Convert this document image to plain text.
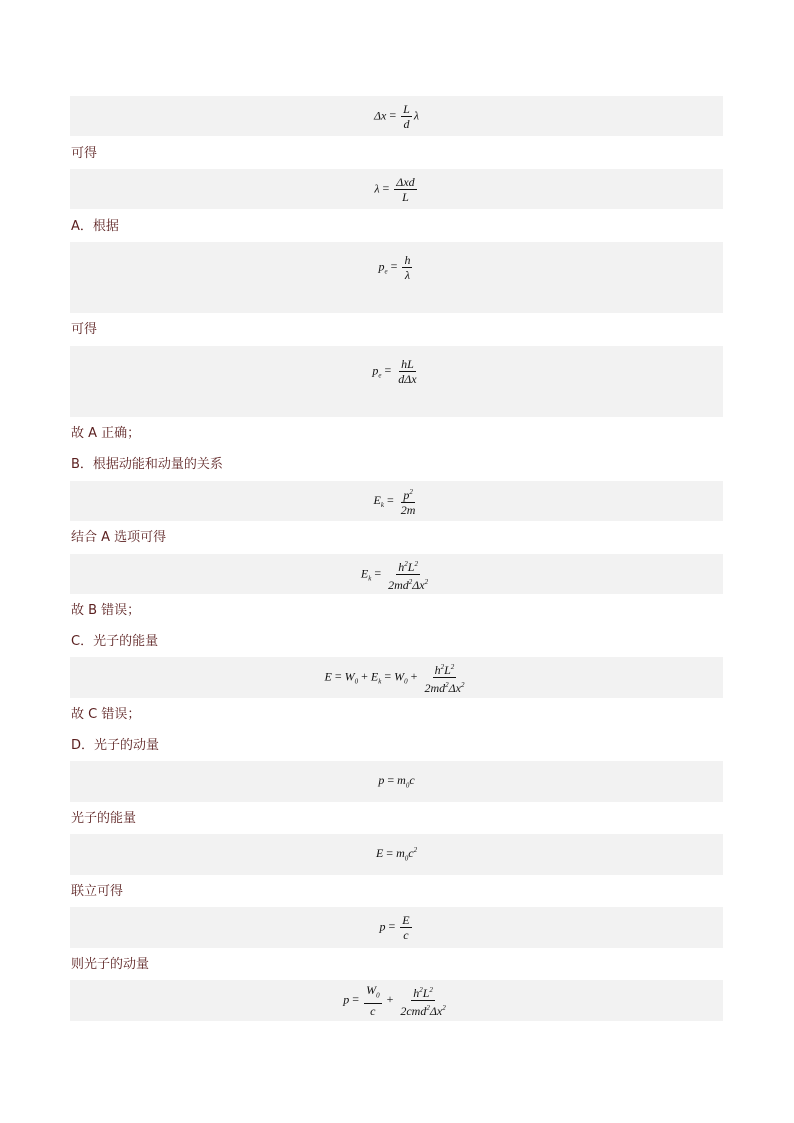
$\Delta x = \frac{L}{d}$ λ
可得
$\lambda = \frac{\text{Δxd}}{L}$
A．根据
$p_e = \frac{h}{\lambda}$
可得
$p_e = \frac{hL}{\text{dΔx}}$
故 A 正确；
B．根据动能和动量的关系
$E_k = \frac{p^2}{2m}$
结合 A 选项可得
$E_k = \frac{h^2L^2}{2md^2\Delta x^2}$
故 B 错误；
C．光子的能量
$E = W_0 + E_k = W_0 + \frac{h^2L^2}{2md^2\Delta x^2}$
故 C 错误；
D．光子的动量
$p = m_0c$
光子的能量
$E = m_0c^2$
联立可得
$p = \frac{E}{c}$
则光子的动量
$p = \frac{W_0}{c} + \frac{h^2L^2}{2cmd^2\Delta x^2}$
